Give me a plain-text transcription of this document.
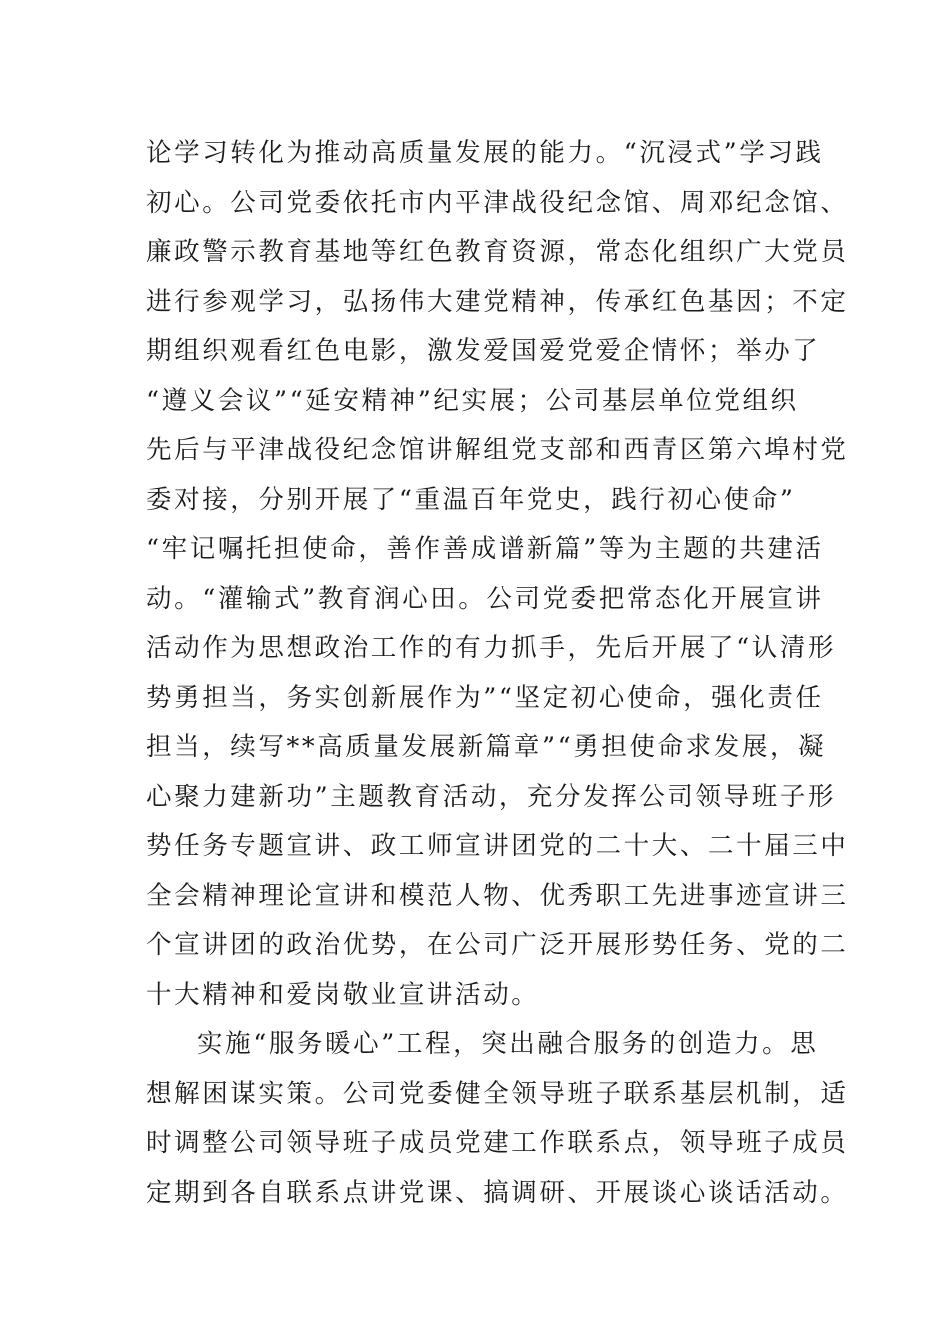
论学习转化为推动高质量发展的能力。“沉浸式”学习践
初心。公司党委依托市内平津战役纪念馆、周邓纪念馆、
廉政警示教育基地等红色教育资源，常态化组织广大党员
进行参观学习，弘扬伟大建党精神，传承红色基因；不定
期组织观看红色电影，激发爱国爱党爱企情怀；举办了
“遵义会议”“延安精神”纪实展；公司基层单位党组织
先后与平津战役纪念馆讲解组党支部和西青区第六埠村党
委对接，分别开展了“重温百年党史，践行初心使命”
“牢记嘱托担使命，善作善成谱新篇”等为主题的共建活
动。“灌输式”教育润心田。公司党委把常态化开展宣讲
活动作为思想政治工作的有力抓手，先后开展了“认清形
势勇担当，务实创新展作为”“坚定初心使命，强化责任
担当，续写**高质量发展新篇章”“勇担使命求发展，凝
心聚力建新功”主题教育活动，充分发挥公司领导班子形
势任务专题宣讲、政工师宣讲团党的二十大、二十届三中
全会精神理论宣讲和模范人物、优秀职工先进事迹宣讲三
个宣讲团的政治优势，在公司广泛开展形势任务、党的二
十大精神和爱岗敬业宣讲活动。
实施“服务暖心”工程，突出融合服务的创造力。思
想解困谋实策。公司党委健全领导班子联系基层机制，适
时调整公司领导班子成员党建工作联系点，领导班子成员
定期到各自联系点讲党课、搞调研、开展谈心谈话活动。
